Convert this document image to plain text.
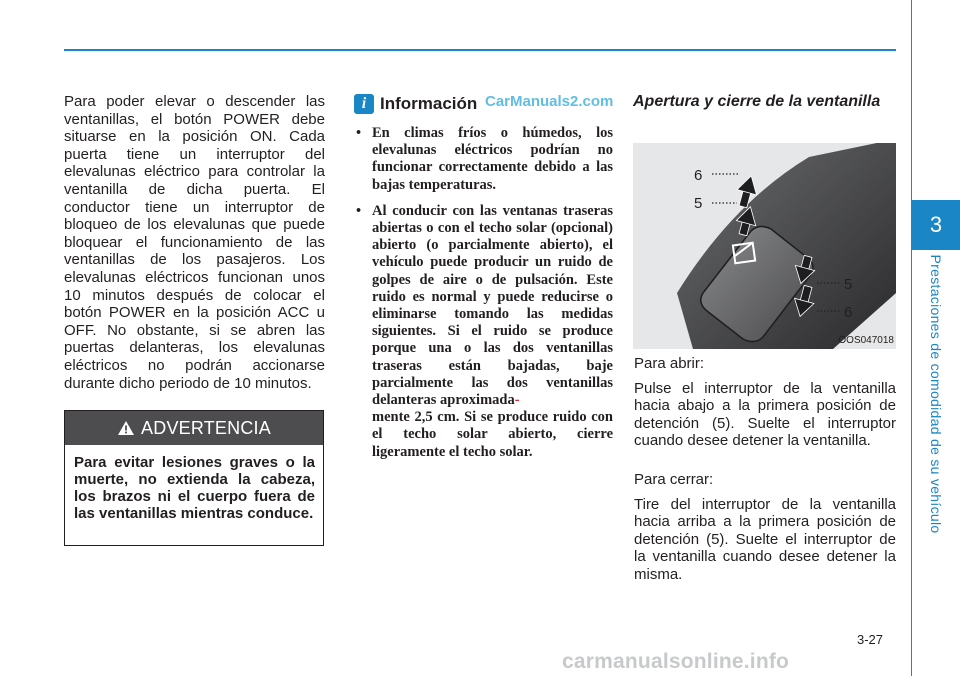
3
Prestaciones de comodidad de su vehículo

Para poder elevar o descender las ventanillas, el botón POWER debe situarse en la posición ON. Cada puerta tiene un interruptor del elevalunas eléctrico para controlar la ventanilla de dicha puerta. El conductor tiene un interruptor de bloqueo de los elevalunas que puede bloquear el funcionamiento de las ventanillas de los pasajeros. Los elevalunas eléctricos funcionan unos 10 minutos después de colocar el botón POWER en la posición ACC u OFF. No obstante, si se abren las puertas delanteras, los elevalunas eléctricos no podrán accionarse durante dicho periodo de 10 minutos.

ADVERTENCIA
Para evitar lesiones graves o la muerte, no extienda la cabeza, los brazos ni el cuerpo fuera de las ventanillas mientras conduce.
i Información CarManuals2.com
• En climas fríos o húmedos, los elevalunas eléctricos podrían no funcionar correctamente debido a las bajas temperaturas.
• Al conducir con las ventanas traseras abiertas o con el techo solar (opcional) abierto (o parcialmente abierto), el vehículo puede producir un ruido de golpes de aire o de pulsación. Este ruido es normal y puede reducirse o eliminarse tomando las medidas siguientes. Si el ruido se produce porque una o las dos ventanillas traseras están bajadas, baje parcialmente las dos ventanillas delanteras aproximada-
mente 2,5 cm. Si se produce ruido con el techo solar abierto, cierre ligeramente el techo solar.
Apertura y cierre de la ventanilla
6
5
5
6
OOS047018

Para abrir:

Pulse el interruptor de la ventanilla hacia abajo a la primera posición de detención (5). Suelte el interruptor cuando desee detener la ventanilla.

Para cerrar:

Tire del interruptor de la ventanilla hacia arriba a la primera posición de detención (5). Suelte el interruptor de la ventanilla cuando desee detener la misma.

3-27
carmanualsonline.info
